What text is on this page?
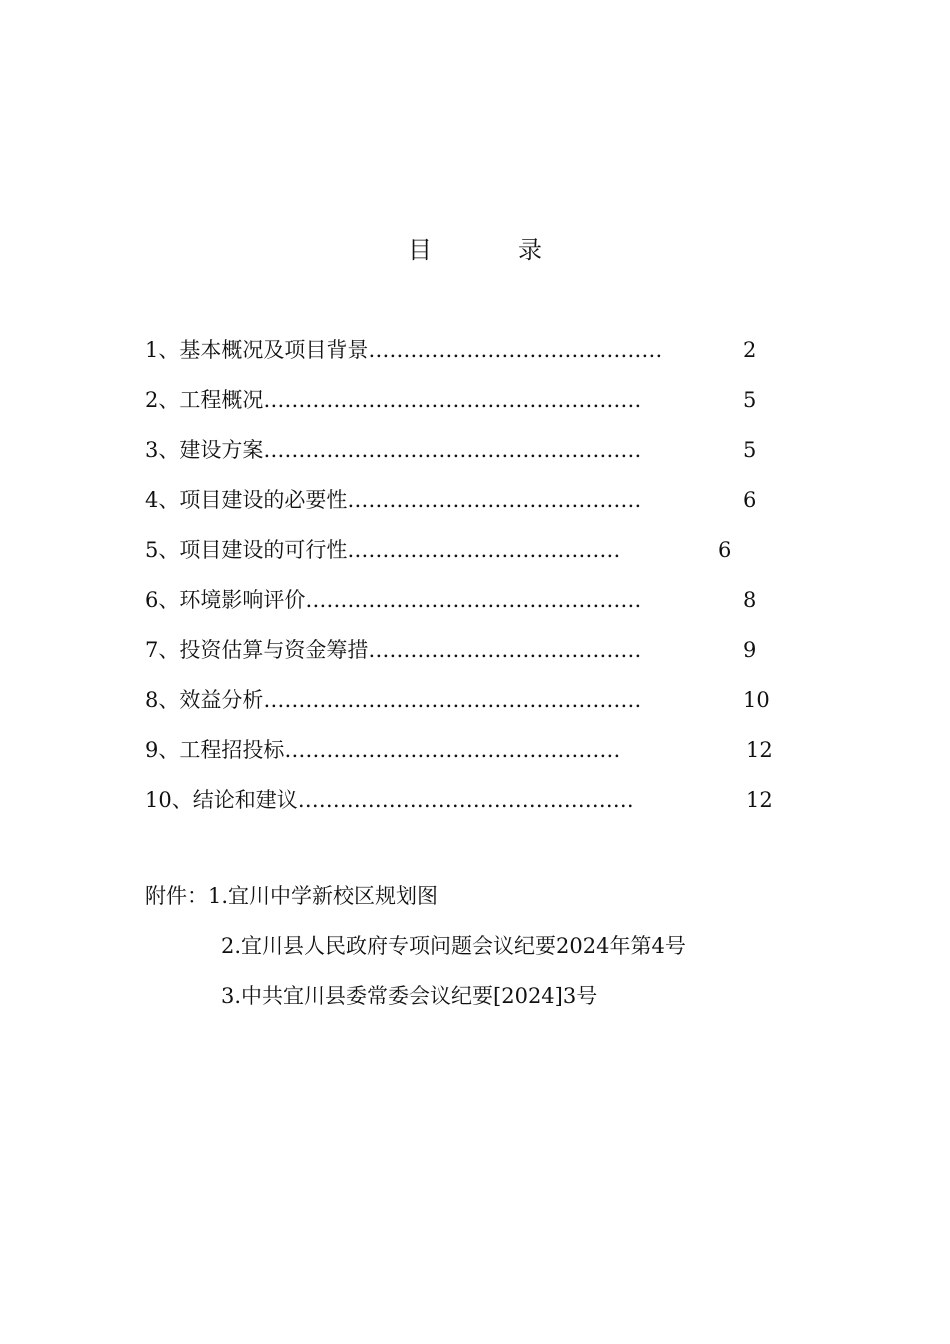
目	录
1、基本概况及项目背景……………………………………	2
2、工程概况………………………………………………	5
3、建设方案………………………………………………	5
4、项目建设的必要性……………………………………	6
5、项目建设的可行性…………………………………	6
6、环境影响评价…………………………………………	8
7、投资估算与资金筹措…………………………………	9
8、效益分析………………………………………………	10
9、工程招投标…………………………………………	12
10、结论和建议…………………………………………	12
附件：1.宜川中学新校区规划图
2.宜川县人民政府专项问题会议纪要2024年第4号
3.中共宜川县委常委会议纪要[2024]3号
